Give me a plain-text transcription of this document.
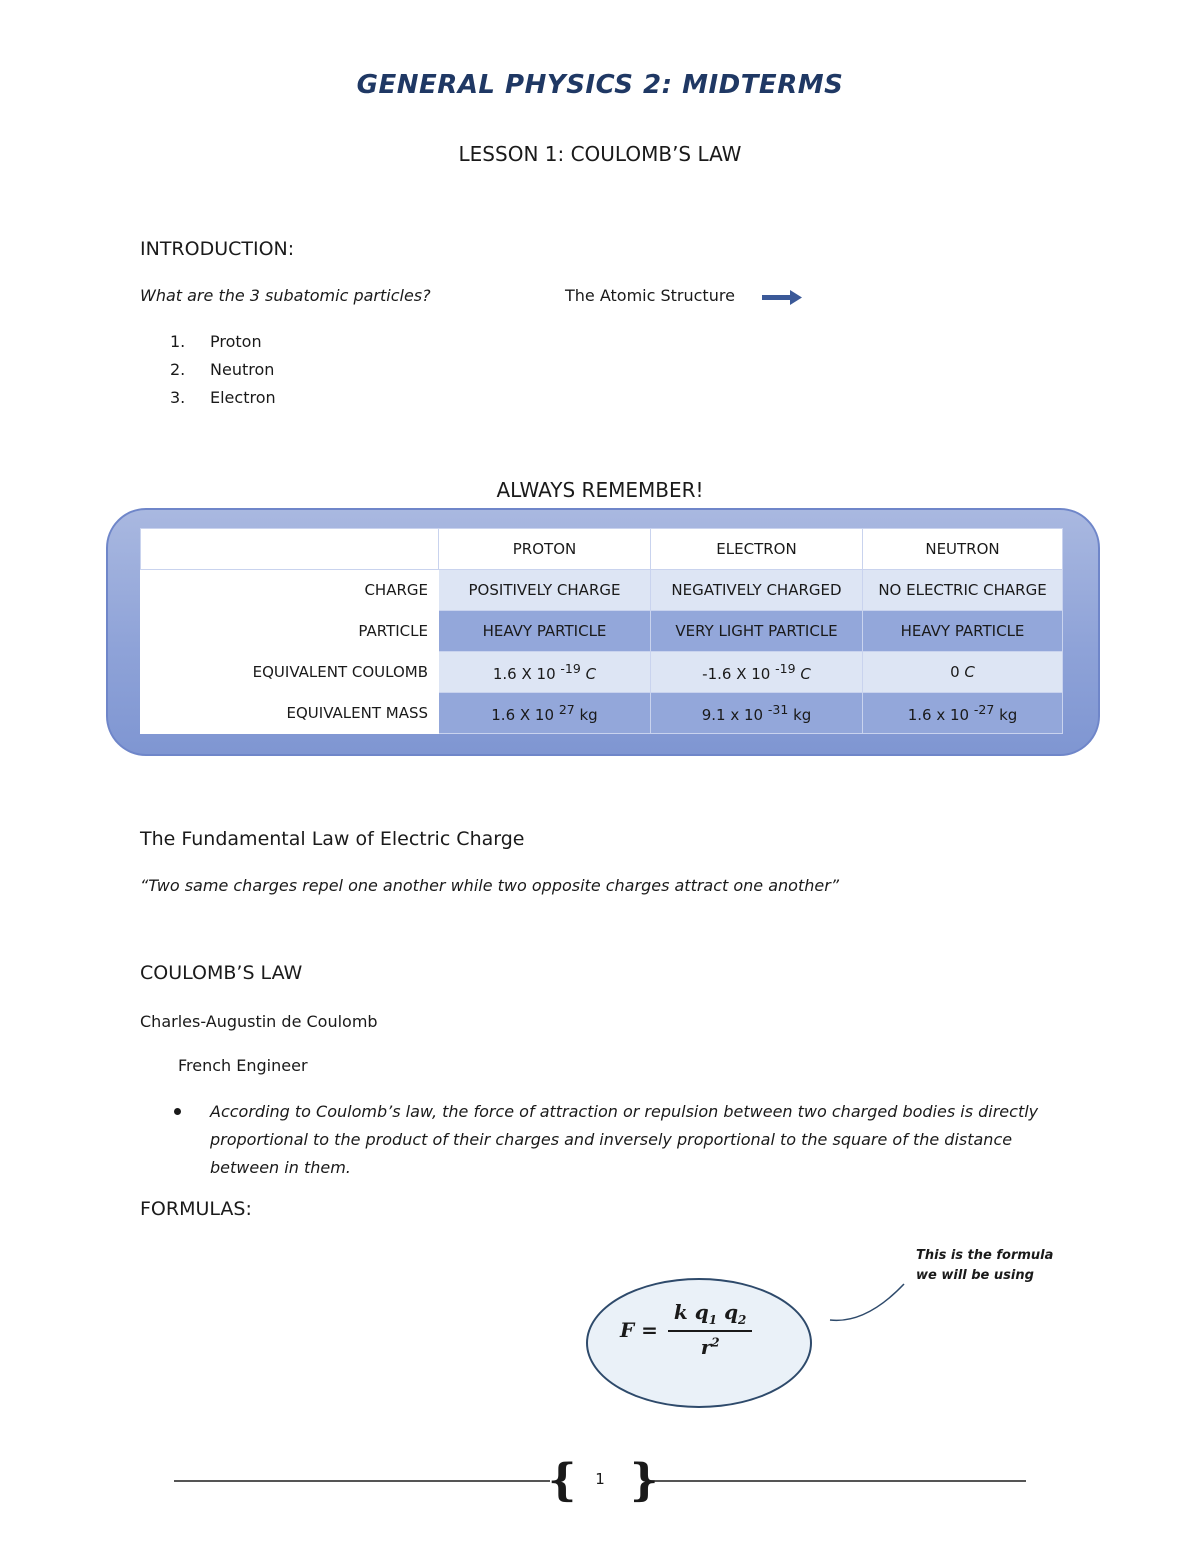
GENERAL PHYSICS 2: MIDTERMS
LESSON 1: COULOMB’S LAW
INTRODUCTION:
What are the 3 subatomic particles?	The Atomic Structure
1. Proton
2. Neutron
3. Electron
ALWAYS REMEMBER!
	PROTON	ELECTRON	NEUTRON
CHARGE	POSITIVELY CHARGE	NEGATIVELY CHARGED	NO ELECTRIC CHARGE
PARTICLE	HEAVY PARTICLE	VERY LIGHT PARTICLE	HEAVY PARTICLE
EQUIVALENT COULOMB	1.6 X 10 $^{-19}$ C	-1.6 X 10 $^{-19}$ C	0 C
EQUIVALENT MASS	1.6 X 10 $^{27}$ kg	9.1 x 10 $^{-31}$ kg	1.6 x 10 $^{-27}$ kg
The Fundamental Law of Electric Charge
“Two same charges repel one another while two opposite charges attract one another”
COULOMB’S LAW
Charles-Augustin de Coulomb
French Engineer
According to Coulomb’s law, the force of attraction or repulsion between two charged bodies is directly proportional to the product of their charges and inversely proportional to the square of the distance between in them.
FORMULAS:
$F = \frac{k q_1 q_2}{r^2}$
This is the formula we will be using
{ }
1
